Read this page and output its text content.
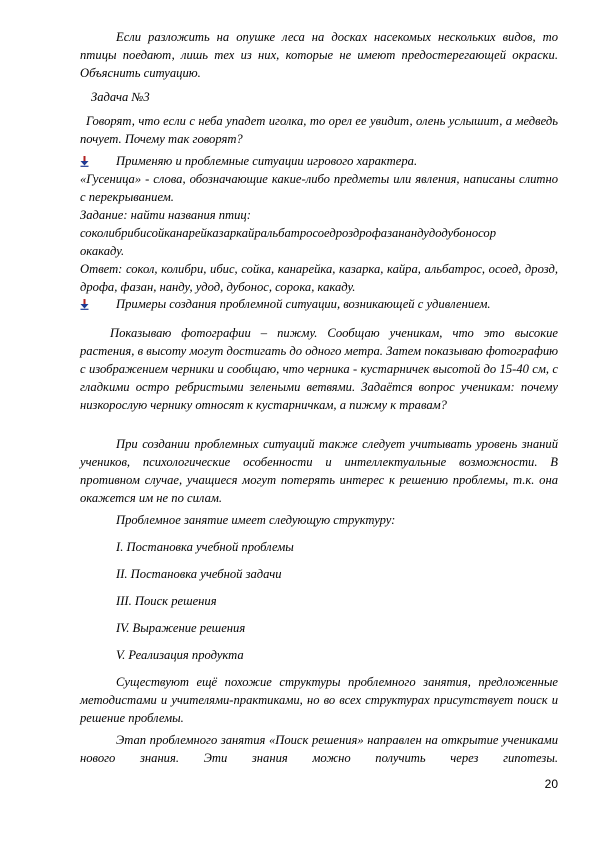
Если разложить на опушке леса на досках насекомых нескольких видов, то птицы поедают, лишь тех из них, которые не имеют предостерегающей окраски. Объяснить ситуацию.
Задача №3
Говорят, что если с неба упадет иголка, то орел ее увидит, олень услышит, а медведь почует. Почему так говорят?
Применяю и проблемные ситуации игрового характера.
«Гусеница» - слова, обозначающие какие-либо предметы или явления, написаны слитно с перекрыванием.
Задание: найти названия птиц:
соколибрибисойканарейказаркайральбатросоедроздрофазанандудодубоносор
окакаду.
Ответ: сокол, колибри, ибис, сойка, канарейка, казарка, кайра, альбатрос, осоед, дрозд, дрофа, фазан, нанду, удод, дубонос, сорока, какаду.
Примеры создания проблемной ситуации, возникающей с удивлением.
Показываю фотографии – пижму. Сообщаю ученикам, что это высокие растения, в высоту могут достигать до одного метра. Затем показываю фотографию с изображением черники и сообщаю, что черника - кустарничек высотой до 15-40 см, с гладкими остро ребристыми зелеными ветвями. Задаётся вопрос ученикам: почему низкорослую чернику относят к кустарничкам, а пижму к травам?
При создании проблемных ситуаций также следует учитывать уровень знаний учеников, психологические особенности и интеллектуальные возможности. В противном случае, учащиеся могут потерять интерес к решению проблемы, т.к. она окажется им не по силам.
Проблемное занятие имеет следующую структуру:
I. Постановка учебной проблемы
II. Постановка учебной задачи
III. Поиск решения
IV. Выражение решения
V. Реализация продукта
Существуют ещё похожие структуры проблемного занятия, предложенные методистами и учителями-практиками, но во всех структурах присутствует поиск и решение проблемы.
Этап проблемного занятия «Поиск решения» направлен на открытие учениками нового знания. Эти знания можно получить через гипотезы.
20
